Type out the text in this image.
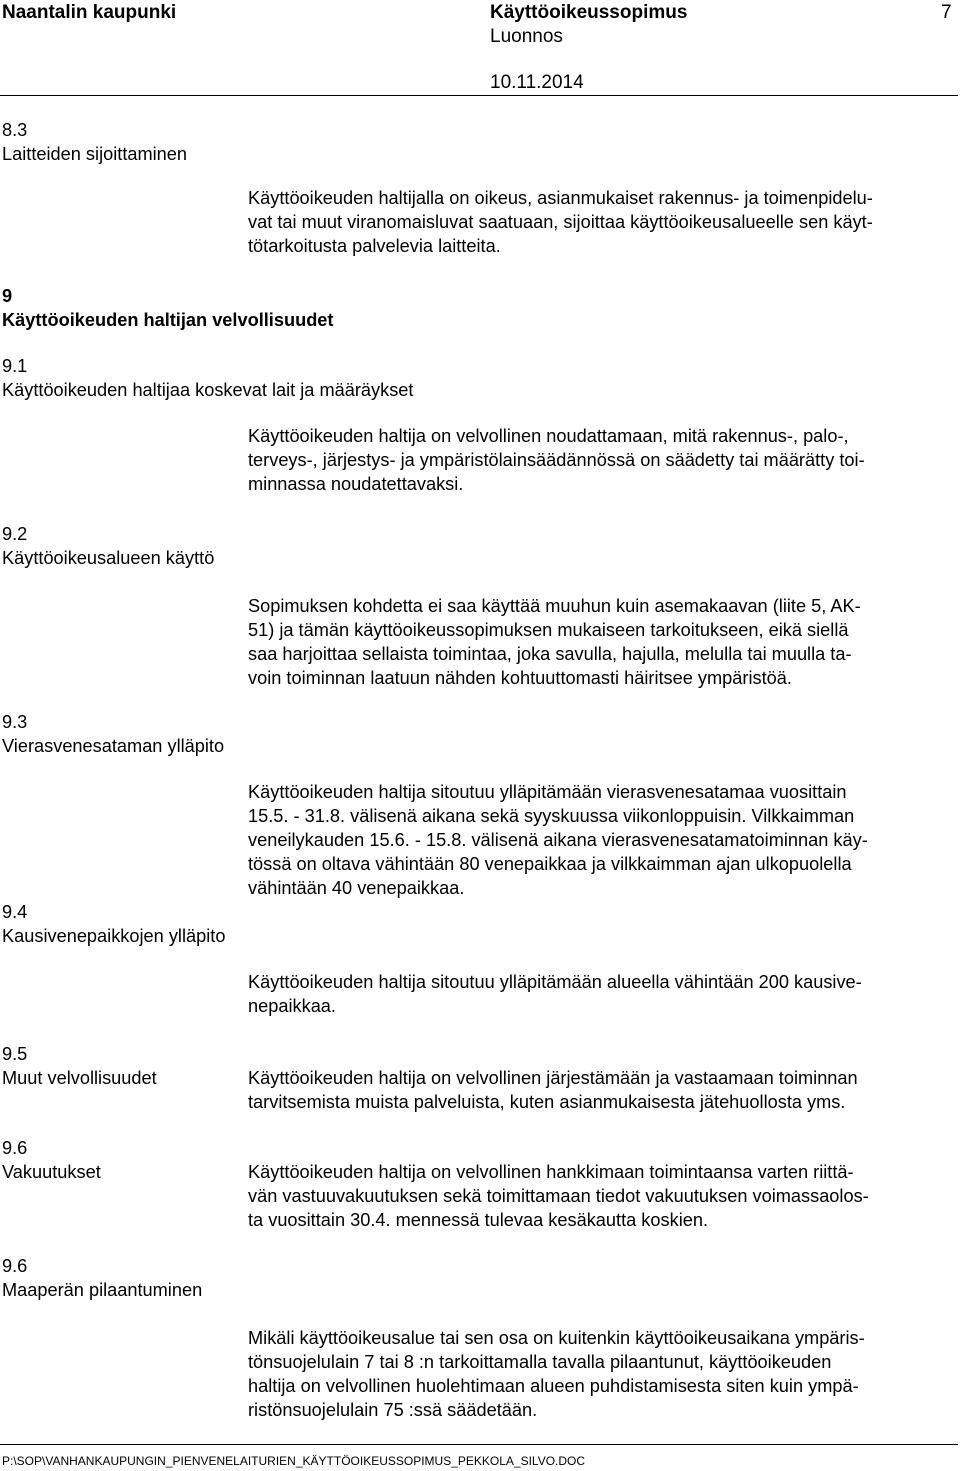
Naantalin kaupunki	Käyttöoikeussopimus
Luonnos
7
10.11.2014
8.3
Laitteiden sijoittaminen
Käyttöoikeuden haltijalla on oikeus, asianmukaiset rakennus- ja toimenpidelu-
vat tai muut viranomaisluvat saatuaan, sijoittaa käyttöoikeusalueelle sen käyt-
tötarkoitusta palvelevia laitteita.
9
Käyttöoikeuden haltijan velvollisuudet
9.1
Käyttöoikeuden haltijaa koskevat lait ja määräykset
Käyttöoikeuden haltija on velvollinen noudattamaan, mitä rakennus-, palo-,
terveys-, järjestys- ja ympäristölainsäädännössä on säädetty tai määrätty toi-
minnassa noudatettavaksi.
9.2
Käyttöoikeusalueen käyttö
Sopimuksen kohdetta ei saa käyttää muuhun kuin asemakaavan (liite 5, AK-
51) ja tämän käyttöoikeussopimuksen mukaiseen tarkoitukseen, eikä siellä
saa harjoittaa sellaista toimintaa, joka savulla, hajulla, melulla tai muulla ta-
voin toiminnan laatuun nähden kohtuuttomasti häiritsee ympäristöä.
9.3
Vierasvenesataman ylläpito
Käyttöoikeuden haltija sitoutuu ylläpitämään vierasvenesatamaa vuosittain
15.5. - 31.8. välisenä aikana sekä syyskuussa viikonloppuisin. Vilkkaimman
veneilykauden 15.6. - 15.8. välisenä aikana vierasvenesatamatoiminnan käy-
tössä on oltava vähintään 80 venepaikkaa ja vilkkaimman ajan ulkopuolella
vähintään 40 venepaikkaa.
9.4
Kausivenepaikkojen ylläpito
Käyttöoikeuden haltija sitoutuu ylläpitämään alueella vähintään 200 kausive-
nepaikkaa.
9.5
Muut velvollisuudet	Käyttöoikeuden haltija on velvollinen järjestämään ja vastaamaan toiminnan
tarvitsemista muista palveluista, kuten asianmukaisesta jätehuollosta yms.
9.6
Vakuutukset	Käyttöoikeuden haltija on velvollinen hankkimaan toimintaansa varten riittä-
vän vastuuvakuutuksen sekä toimittamaan tiedot vakuutuksen voimassaolos-
ta vuosittain 30.4. mennessä tulevaa kesäkautta koskien.
9.6
Maaperän pilaantuminen
Mikäli käyttöoikeusalue tai sen osa on kuitenkin käyttöoikeusaikana ympäris-
tönsuojelulain 7 tai 8 :n tarkoittamalla tavalla pilaantunut, käyttöoikeuden
haltija on velvollinen huolehtimaan alueen puhdistamisesta siten kuin ympä-
ristönsuojelulain 75 :ssä säädetään.
P:\SOP\VANHANKAUPUNGIN_PIENVENELAITURIEN_KÄYTTÖOIKEUSSOPIMUS_PEKKOLA_SILVO.DOC
